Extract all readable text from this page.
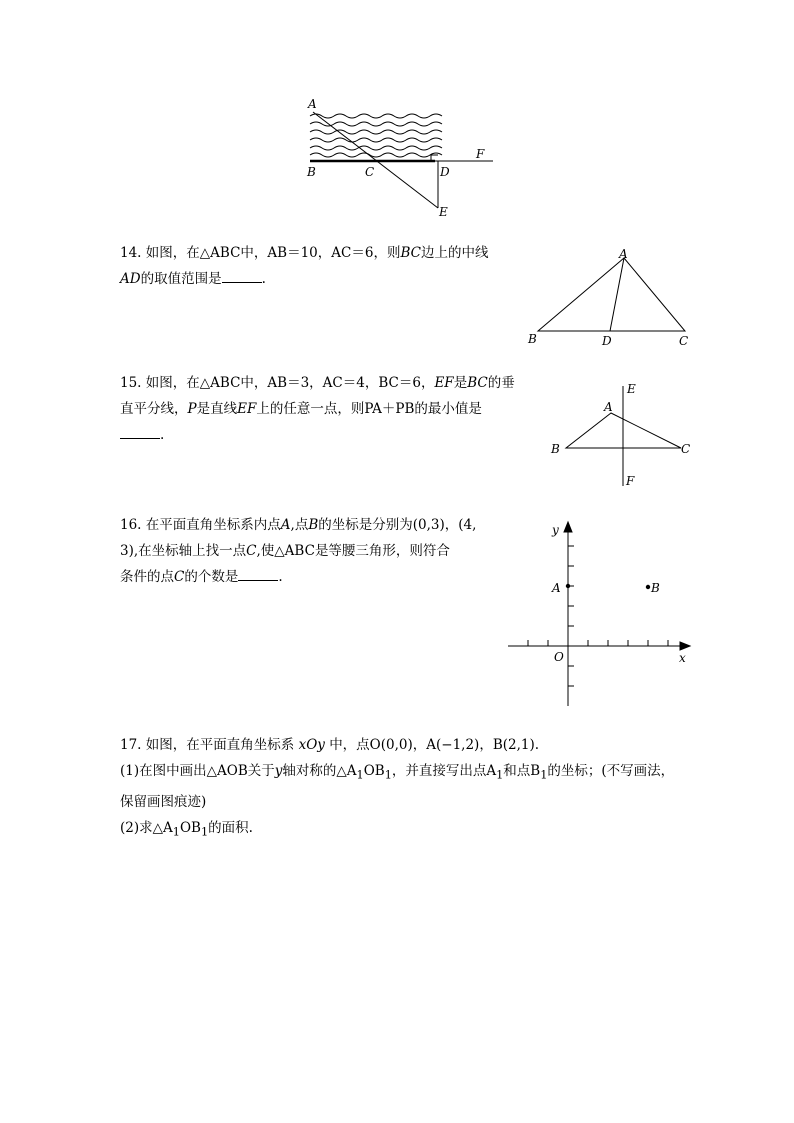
A
B	C	D
E
F
14. 如图，在△ABC中，AB＝10，AC＝6，则BC边上的中线
AD的取值范围是	.
A
B	D	C
15. 如图，在△ABC中，AB＝3，AC＝4，BC＝6，EF是BC的垂
直平分线，P是直线EF上的任意一点，则PA＋PB的最小值是
.
A
E
B	C
F
16. 在平面直角坐标系内点A,点B的坐标是分别为(0,3)，(4,
3),在坐标轴上找一点C,使△ABC是等腰三角形，则符合
条件的点C的个数是	.
y
x
O
A	B
17. 如图，在平面直角坐标系 xOy 中，点O(0,0)，A(−1,2)，B(2,1).
(1)在图中画出△AOB关于y轴对称的$\triangle A_1OB_1$，并直接写出点$A_1$和点$B_1$的坐标；(不写画法，
保留画图痕迹)
(2)求$\triangle A_1OB_1$的面积.
